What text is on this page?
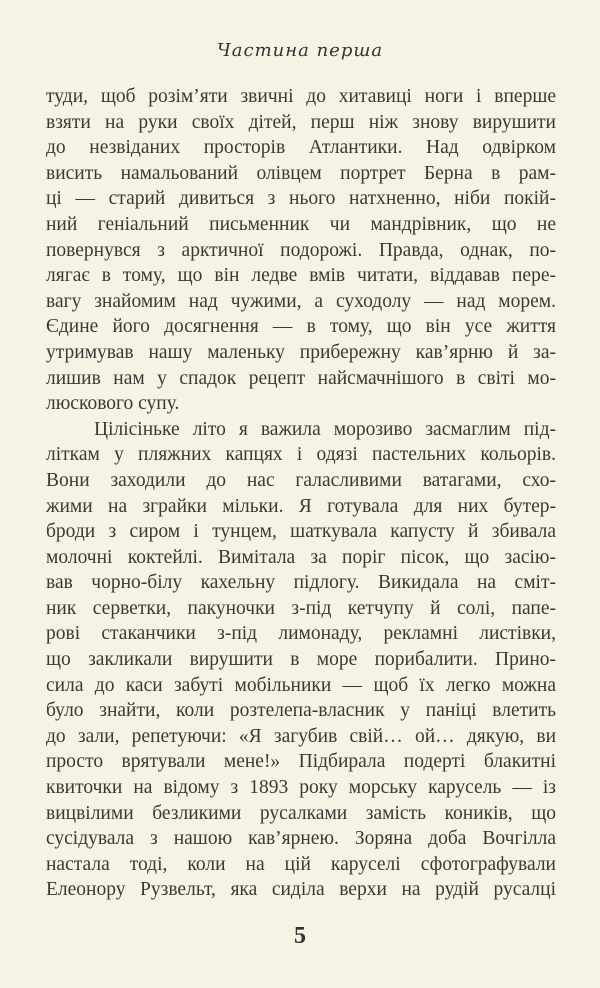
Частина перша
туди, щоб розім’яти звичні до хитавиці ноги і вперше
взяти на руки своїх дітей, перш ніж знову вирушити
до незвіданих просторів Атлантики. Над одвірком
висить намальований олівцем портрет Берна в рам-
ці — старий дивиться з нього натхненно, ніби покій-
ний геніальний письменник чи мандрівник, що не
повернувся з арктичної подорожі. Правда, однак, по-
лягає в тому, що він ледве вмів читати, віддавав пере-
вагу знайомим над чужими, а суходолу — над морем.
Єдине його досягнення — в тому, що він усе життя
утримував нашу маленьку прибережну кав’ярню й за-
лишив нам у спадок рецепт найсмачнішого в світі мо-
люскового супу.
Цілісіньке літо я важила морозиво засмаглим під-
літкам у пляжних капцях і одязі пастельних кольорів.
Вони заходили до нас галасливими ватагами, схо-
жими на зграйки мільки. Я готувала для них бутер-
броди з сиром і тунцем, шаткувала капусту й збивала
молочні коктейлі. Вимітала за поріг пісок, що засію-
вав чорно-білу кахельну підлогу. Викидала на сміт-
ник серветки, пакуночки з-під кетчупу й солі, папе-
рові стаканчики з-під лимонаду, рекламні листівки,
що закликали вирушити в море порибалити. Прино-
сила до каси забуті мобільники — щоб їх легко можна
було знайти, коли розтелепа-власник у паніці влетить
до зали, репетуючи: «Я загубив свій… ой… дякую, ви
просто врятували мене!» Підбирала подерті блакитні
квиточки на відому з 1893 року морську карусель — із
вицвілими безликими русалками замість коників, що
сусідувала з нашою кав’ярнею. Зоряна доба Вочгілла
настала тоді, коли на цій каруселі сфотографували
Елеонору Рузвельт, яка сиділа верхи на рудій русалці
5
